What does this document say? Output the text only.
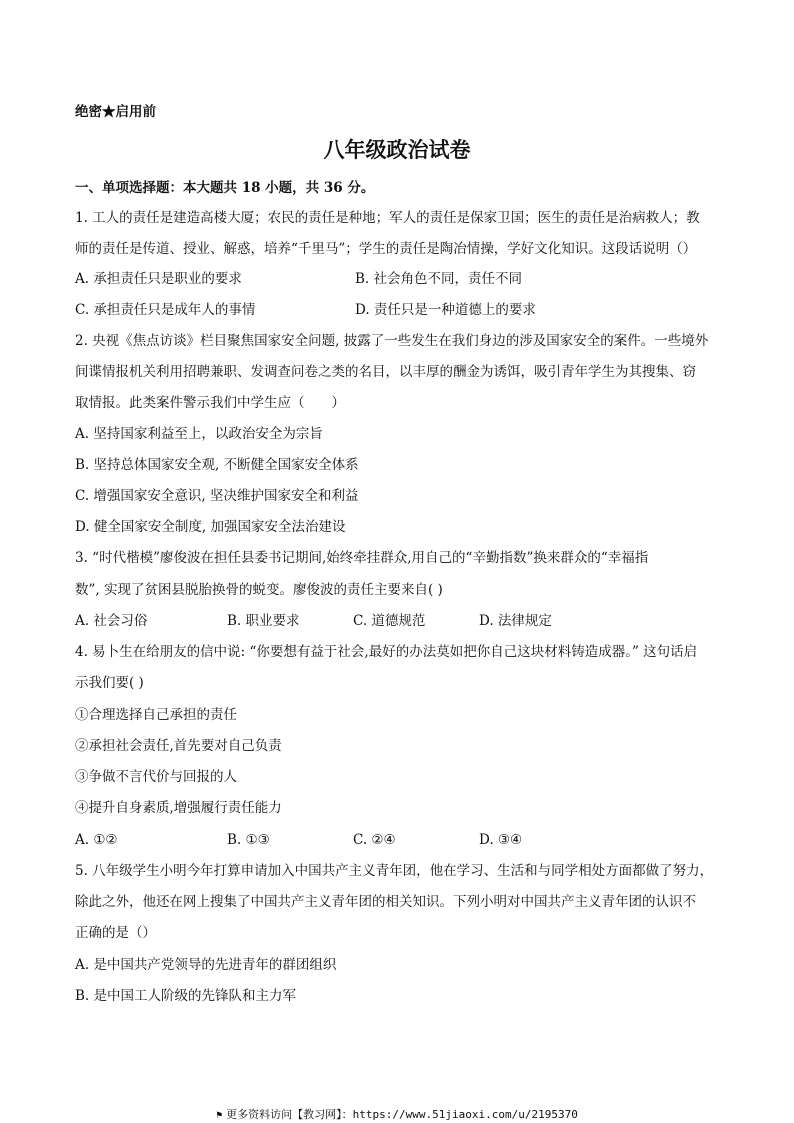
绝密★启用前
八年级政治试卷
一、单项选择题：本大题共 18 小题，共 36 分。
1. 工人的责任是建造高楼大厦；农民的责任是种地；军人的责任是保家卫国；医生的责任是治病救人；教
师的责任是传道、授业、解惑，培养“千里马”；学生的责任是陶冶情操，学好文化知识。这段话说明（）
A. 承担责任只是职业的要求	B. 社会角色不同，责任不同
C. 承担责任只是成年人的事情	D. 责任只是一种道德上的要求
2. 央视《焦点访谈》栏目聚焦国家安全问题, 披露了一些发生在我们身边的涉及国家安全的案件。一些境外
间谍情报机关利用招聘兼职、发调查问卷之类的名目，以丰厚的酬金为诱饵，吸引青年学生为其搜集、窃
取情报。此类案件警示我们中学生应（　　）
A. 坚持国家利益至上，以政治安全为宗旨
B. 坚持总体国家安全观, 不断健全国家安全体系
C. 增强国家安全意识, 坚决维护国家安全和利益
D. 健全国家安全制度, 加强国家安全法治建设
3. “时代楷模”廖俊波在担任县委书记期间,始终牵挂群众,用自己的“辛勤指数”换来群众的“幸福指
数”, 实现了贫困县脱胎换骨的蜕变。廖俊波的责任主要来自( )
A. 社会习俗	B. 职业要求	C. 道德规范	D. 法律规定
4. 易卜生在给朋友的信中说: “你要想有益于社会,最好的办法莫如把你自己这块材料铸造成器。” 这句话启
示我们要( )
①合理选择自己承担的责任
②承担社会责任,首先要对自己负责
③争做不言代价与回报的人
④提升自身素质,增强履行责任能力
A. ①②	B. ①③	C. ②④	D. ③④
5. 八年级学生小明今年打算申请加入中国共产主义青年团，他在学习、生活和与同学相处方面都做了努力，
除此之外，他还在网上搜集了中国共产主义青年团的相关知识。下列小明对中国共产主义青年团的认识不
正确的是（）
A. 是中国共产党领导的先进青年的群团组织
B. 是中国工人阶级的先锋队和主力军
⚑ 更多资料访问【教习网】：https://www.51jiaoxi.com/u/2195370
